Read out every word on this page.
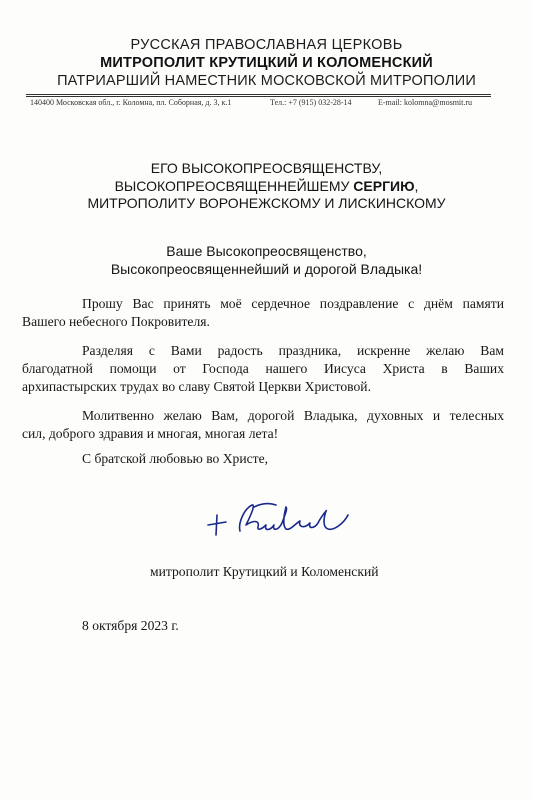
РУССКАЯ ПРАВОСЛАВНАЯ ЦЕРКОВЬ
МИТРОПОЛИТ КРУТИЦКИЙ И КОЛОМЕНСКИЙ
ПАТРИАРШИЙ НАМЕСТНИК МОСКОВСКОЙ МИТРОПОЛИИ
140400 Московская обл., г. Коломна, пл. Соборная, д. 3, к.1	Тел.: +7 (915) 032-28-14	E-mail: kolomna@mosmit.ru
ЕГО ВЫСОКОПРЕОСВЯЩЕНСТВУ,
ВЫСОКОПРЕОСВЯЩЕННЕЙШЕМУ СЕРГИЮ,
МИТРОПОЛИТУ ВОРОНЕЖСКОМУ И ЛИСКИНСКОМУ
Ваше Высокопреосвященство,
Высокопреосвященнейший и дорогой Владыка!
Прошу Вас принять моё сердечное поздравление с днём памяти
Вашего небесного Покровителя.
Разделяя с Вами радость праздника, искренне желаю Вам
благодатной помощи от Господа нашего Иисуса Христа в Ваших
архипастырских трудах во славу Святой Церкви Христовой.
Молитвенно желаю Вам, дорогой Владыка, духовных и телесных
сил, доброго здравия и многая, многая лета!
С братской любовью во Христе,
митрополит Крутицкий и Коломенский
8 октября 2023 г.
